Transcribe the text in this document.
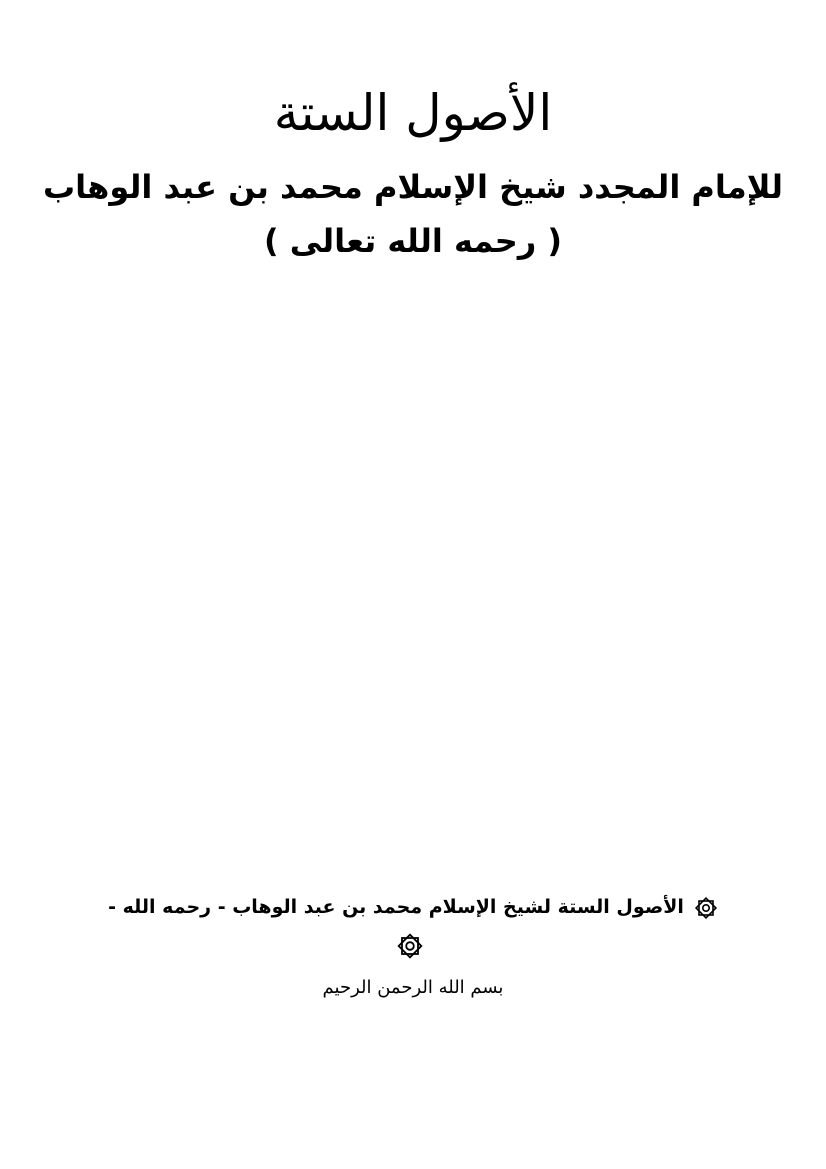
الأصول الستة
للإمام المجدد شيخ الإسلام محمد بن عبد الوهاب
( رحمه الله تعالى )
الأصول الستة لشيخ الإسلام محمد بن عبد الوهاب - رحمه الله -
بسم الله الرحمن الرحيم
